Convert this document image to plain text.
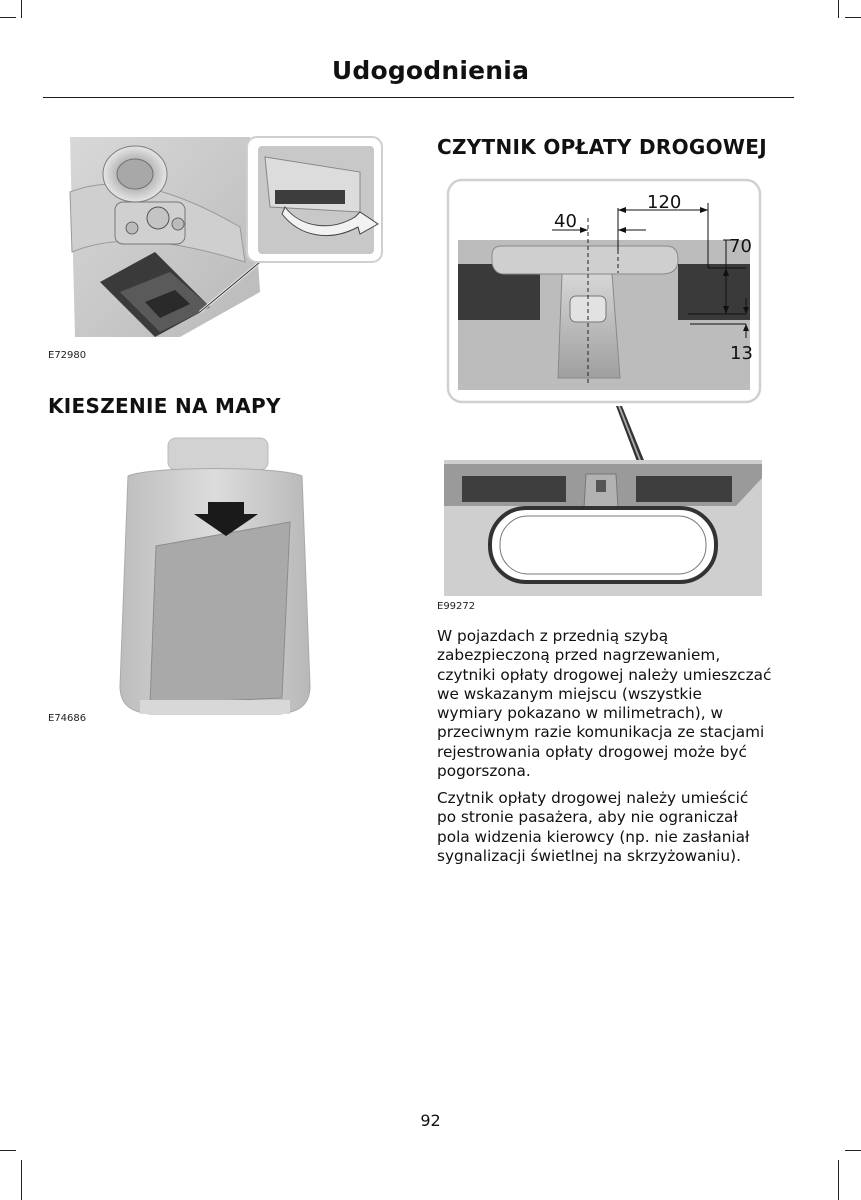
Udogodnienia
E72980
KIESZENIE NA MAPY
E74686
CZYTNIK OPŁATY DROGOWEJ
120
40
70
13
E99272
W pojazdach z przednią szybą
zabezpieczoną przed nagrzewaniem,
czytniki opłaty drogowej należy umieszczać
we wskazanym miejscu (wszystkie
wymiary pokazano w milimetrach), w
przeciwnym razie komunikacja ze stacjami
rejestrowania opłaty drogowej może być
pogorszona.
Czytnik opłaty drogowej należy umieścić
po stronie pasażera, aby nie ograniczał
pola widzenia kierowcy (np. nie zasłaniał
sygnalizacji świetlnej na skrzyżowaniu).
92
